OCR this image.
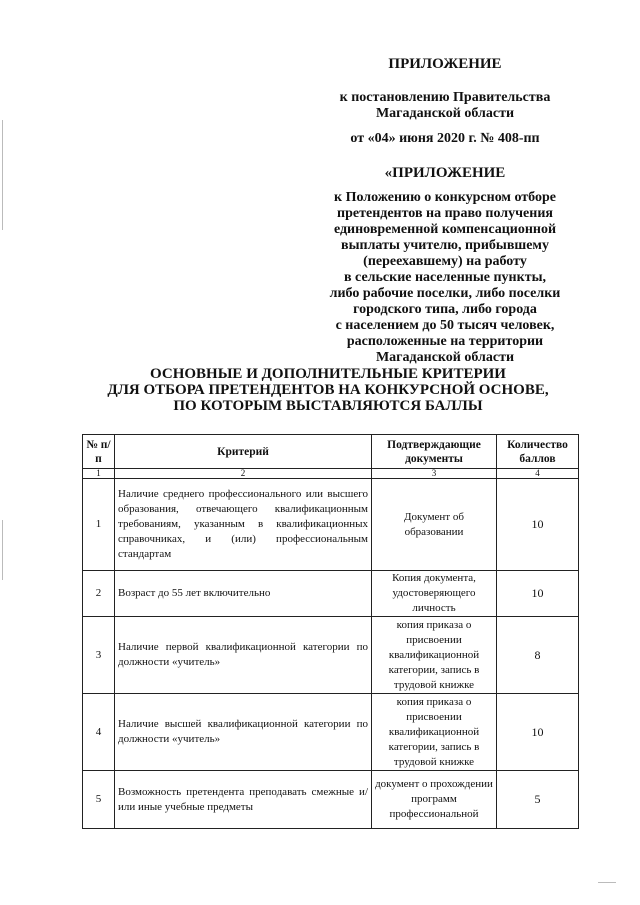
ПРИЛОЖЕНИЕ
к постановлению Правительства
Магаданской области
от «04» июня 2020 г. № 408-пп
«ПРИЛОЖЕНИЕ
к Положению о конкурсном отборе
претендентов на право получения
единовременной компенсационной
выплаты учителю, прибывшему
(переехавшему) на работу
в сельские населенные пункты,
либо рабочие поселки, либо поселки
городского типа, либо города
с населением до 50 тысяч человек,
расположенные на территории
Магаданской области
ОСНОВНЫЕ И ДОПОЛНИТЕЛЬНЫЕ КРИТЕРИИ
ДЛЯ ОТБОРА ПРЕТЕНДЕНТОВ НА КОНКУРСНОЙ ОСНОВЕ,
ПО КОТОРЫМ ВЫСТАВЛЯЮТСЯ БАЛЛЫ
№ п/п	Критерий	Подтверждающие документы	Количество баллов
1	2	3	4
1	Наличие среднего профессионального или высшего образования, отвечающего квалификационным требованиям, указанным в квалификационных справочниках, и (или) профессиональным стандартам	Документ об образовании	10
2	Возраст до 55 лет включительно	Копия документа, удостоверяющего личность	10
3	Наличие первой квалификационной категории по должности «учитель»	копия приказа о присвоении квалификационной категории, запись в трудовой книжке	8
4	Наличие высшей квалификационной категории по должности «учитель»	копия приказа о присвоении квалификационной категории, запись в трудовой книжке	10
5	Возможность претендента преподавать смежные и/или иные учебные предметы	документ о прохождении программ профессиональной	5
